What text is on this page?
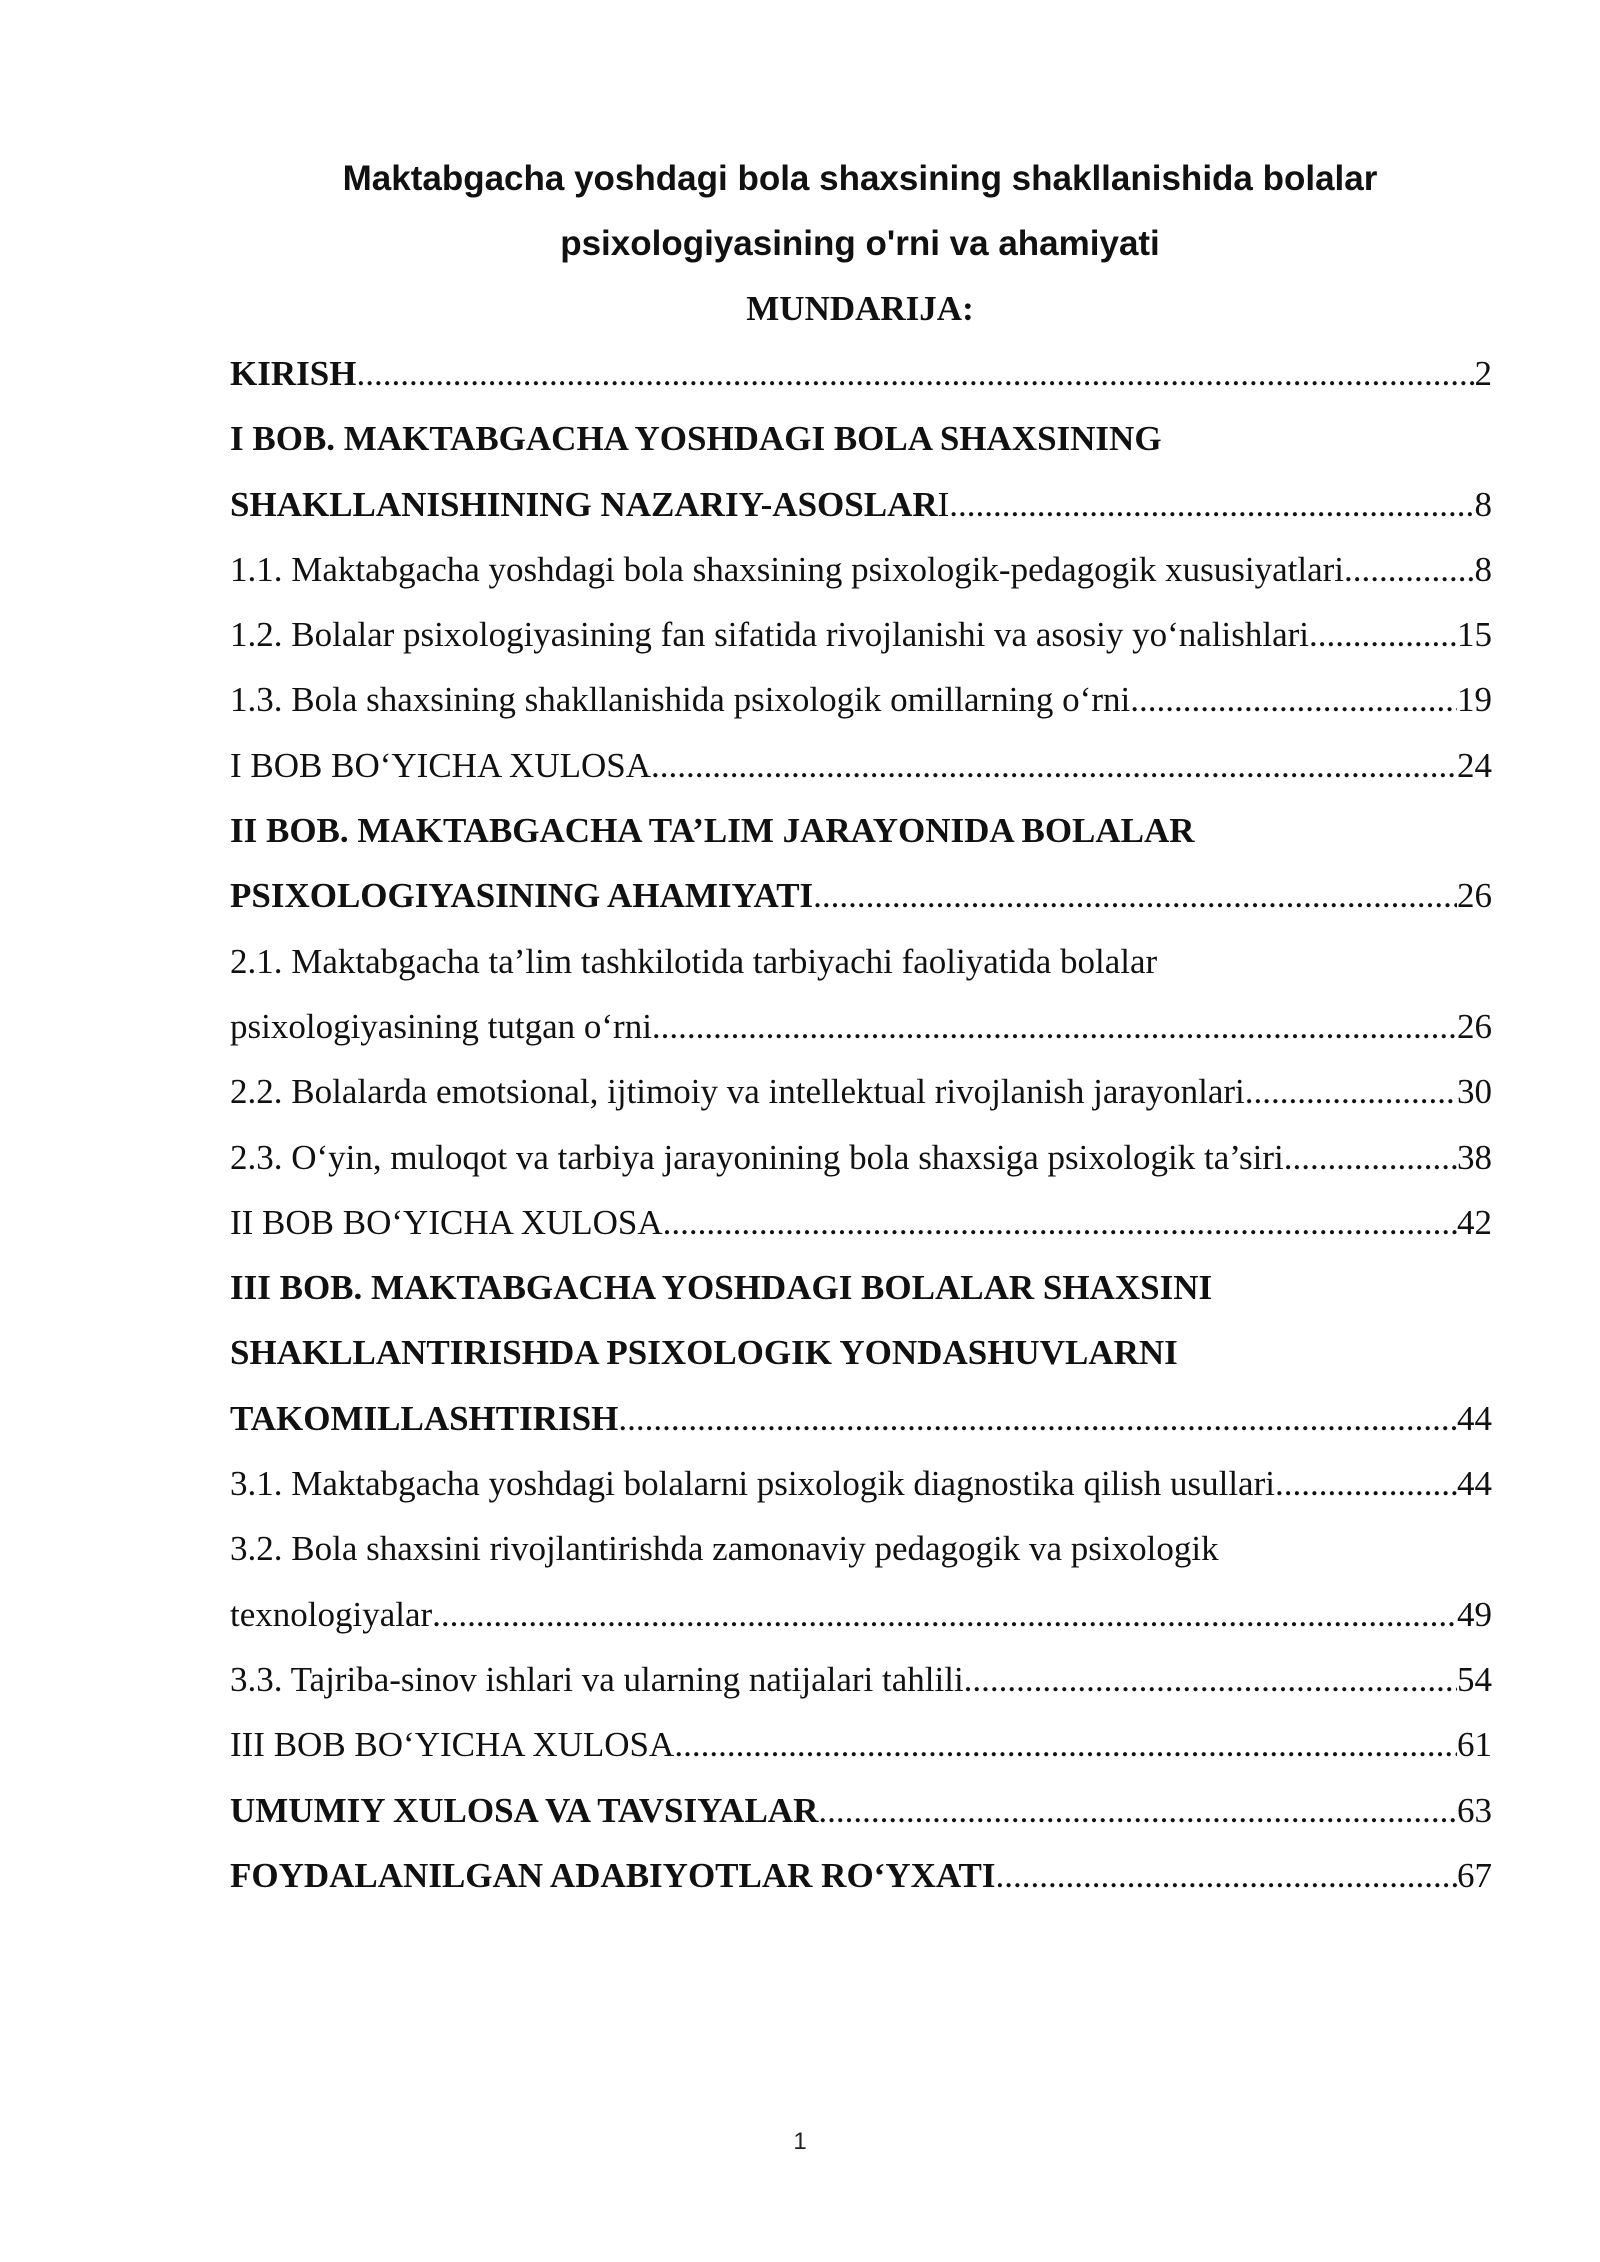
Maktabgacha yoshdagi bola shaxsining shakllanishida bolalar
psixologiyasining o'rni va ahamiyati
MUNDARIJA:
KIRISH .....	2
I BOB. MAKTABGACHA YOSHDAGI BOLA SHAXSINING
SHAKLLANISHINING NAZARIY-ASOSLAR I .....	8
1.1. Maktabgacha yoshdagi bola shaxsining psixologik-pedagogik xususiyatlari .....	8
1.2. Bolalar psixologiyasining fan sifatida rivojlanishi va asosiy yo‘nalishlari .....	15
1.3. Bola shaxsining shakllanishida psixologik omillarning o‘rni .....	19
I BOB BO‘YICHA XULOSA .....	24
II BOB. MAKTABGACHA TA’LIM JARAYONIDA BOLALAR
PSIXOLOGIYASINING AHAMIYATI .....	26
2.1. Maktabgacha ta’lim tashkilotida tarbiyachi faoliyatida bolalar
psixologiyasining tutgan o‘rni .....	26
2.2. Bolalarda emotsional, ijtimoiy va intellektual rivojlanish jarayonlari .....	30
2.3. O‘yin, muloqot va tarbiya jarayonining bola shaxsiga psixologik ta’siri .....	38
II BOB BO‘YICHA XULOSA .....	42
III BOB. MAKTABGACHA YOSHDAGI BOLALAR SHAXSINI
SHAKLLANTIRISHDA PSIXOLOGIK YONDASHUVLARNI
TAKOMILLASHTIRISH .....	44
3.1. Maktabgacha yoshdagi bolalarni psixologik diagnostika qilish usullari .....	44
3.2. Bola shaxsini rivojlantirishda zamonaviy pedagogik va psixologik
texnologiyalar .....	49
3.3. Tajriba-sinov ishlari va ularning natijalari tahlili .....	54
III BOB BO‘YICHA XULOSA .....	61
UMUMIY XULOSA VA TAVSIYALAR .....	63
FOYDALANILGAN ADABIYOTLAR RO‘YXATI .....	67
1
